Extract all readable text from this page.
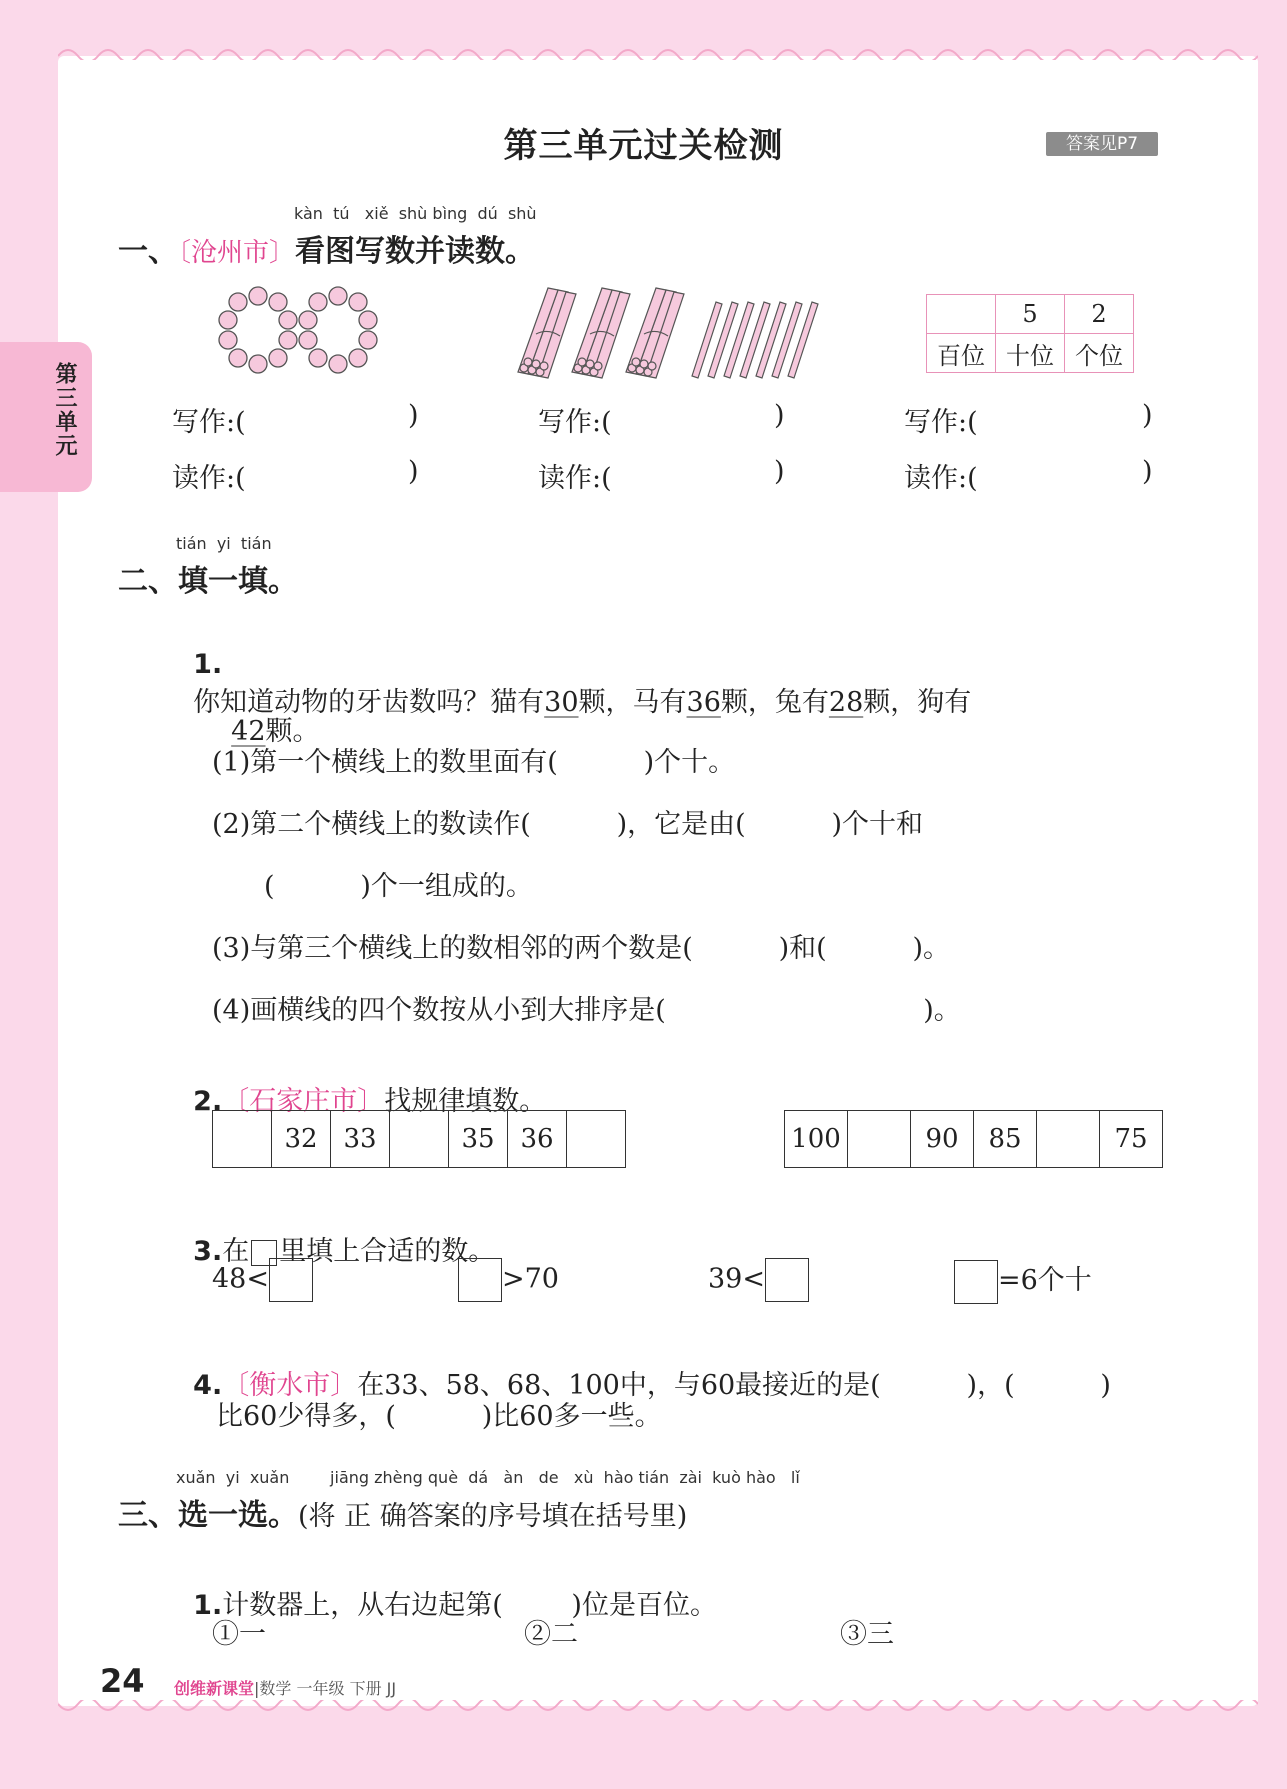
第三单元过关检测	答案见P7
第三单元
kàn  tú   xiě  shù bìng  dú  shù
一、〔沧州市〕看图写数并读数。
	5	2
百位	十位	个位
写作:(	)	写作:(	)	写作:(	)
读作:(	)	读作:(	)	读作:(	)
tián  yi  tián
二、填一填。

1.
你知道动物的牙齿数吗？猫有30颗，马有36颗，兔有28颗，狗有

42颗。

(1)第一个横线上的数里面有(          )个十。
(2)第二个横线上的数读作(          )，它是由(          )个十和
(          )个一组成的。
(3)与第三个横线上的数相邻的两个数是(          )和(          )。
(4)画横线的四个数按从小到大排序是(                              )。

2.〔石家庄市〕找规律填数。

	32	33		35	36		100		90	85		75

3.在 里填上合适的数。

48<	>70	39<	=6个十

4.〔衡水市〕在33、58、68、100中，与60最接近的是(          )，(          )

比60少得多，(          )比60多一些。
xuǎn  yi  xuǎn        jiāng zhèng què  dá   àn   de   xù  hào tián  zài  kuò hào   lǐ
三、选一选。(将 正 确答案的序号填在括号里)

1.计数器上，从右边起第(        )位是百位。

①一	②二	③三
24 创维新课堂|数学 一年级 下册 JJ
